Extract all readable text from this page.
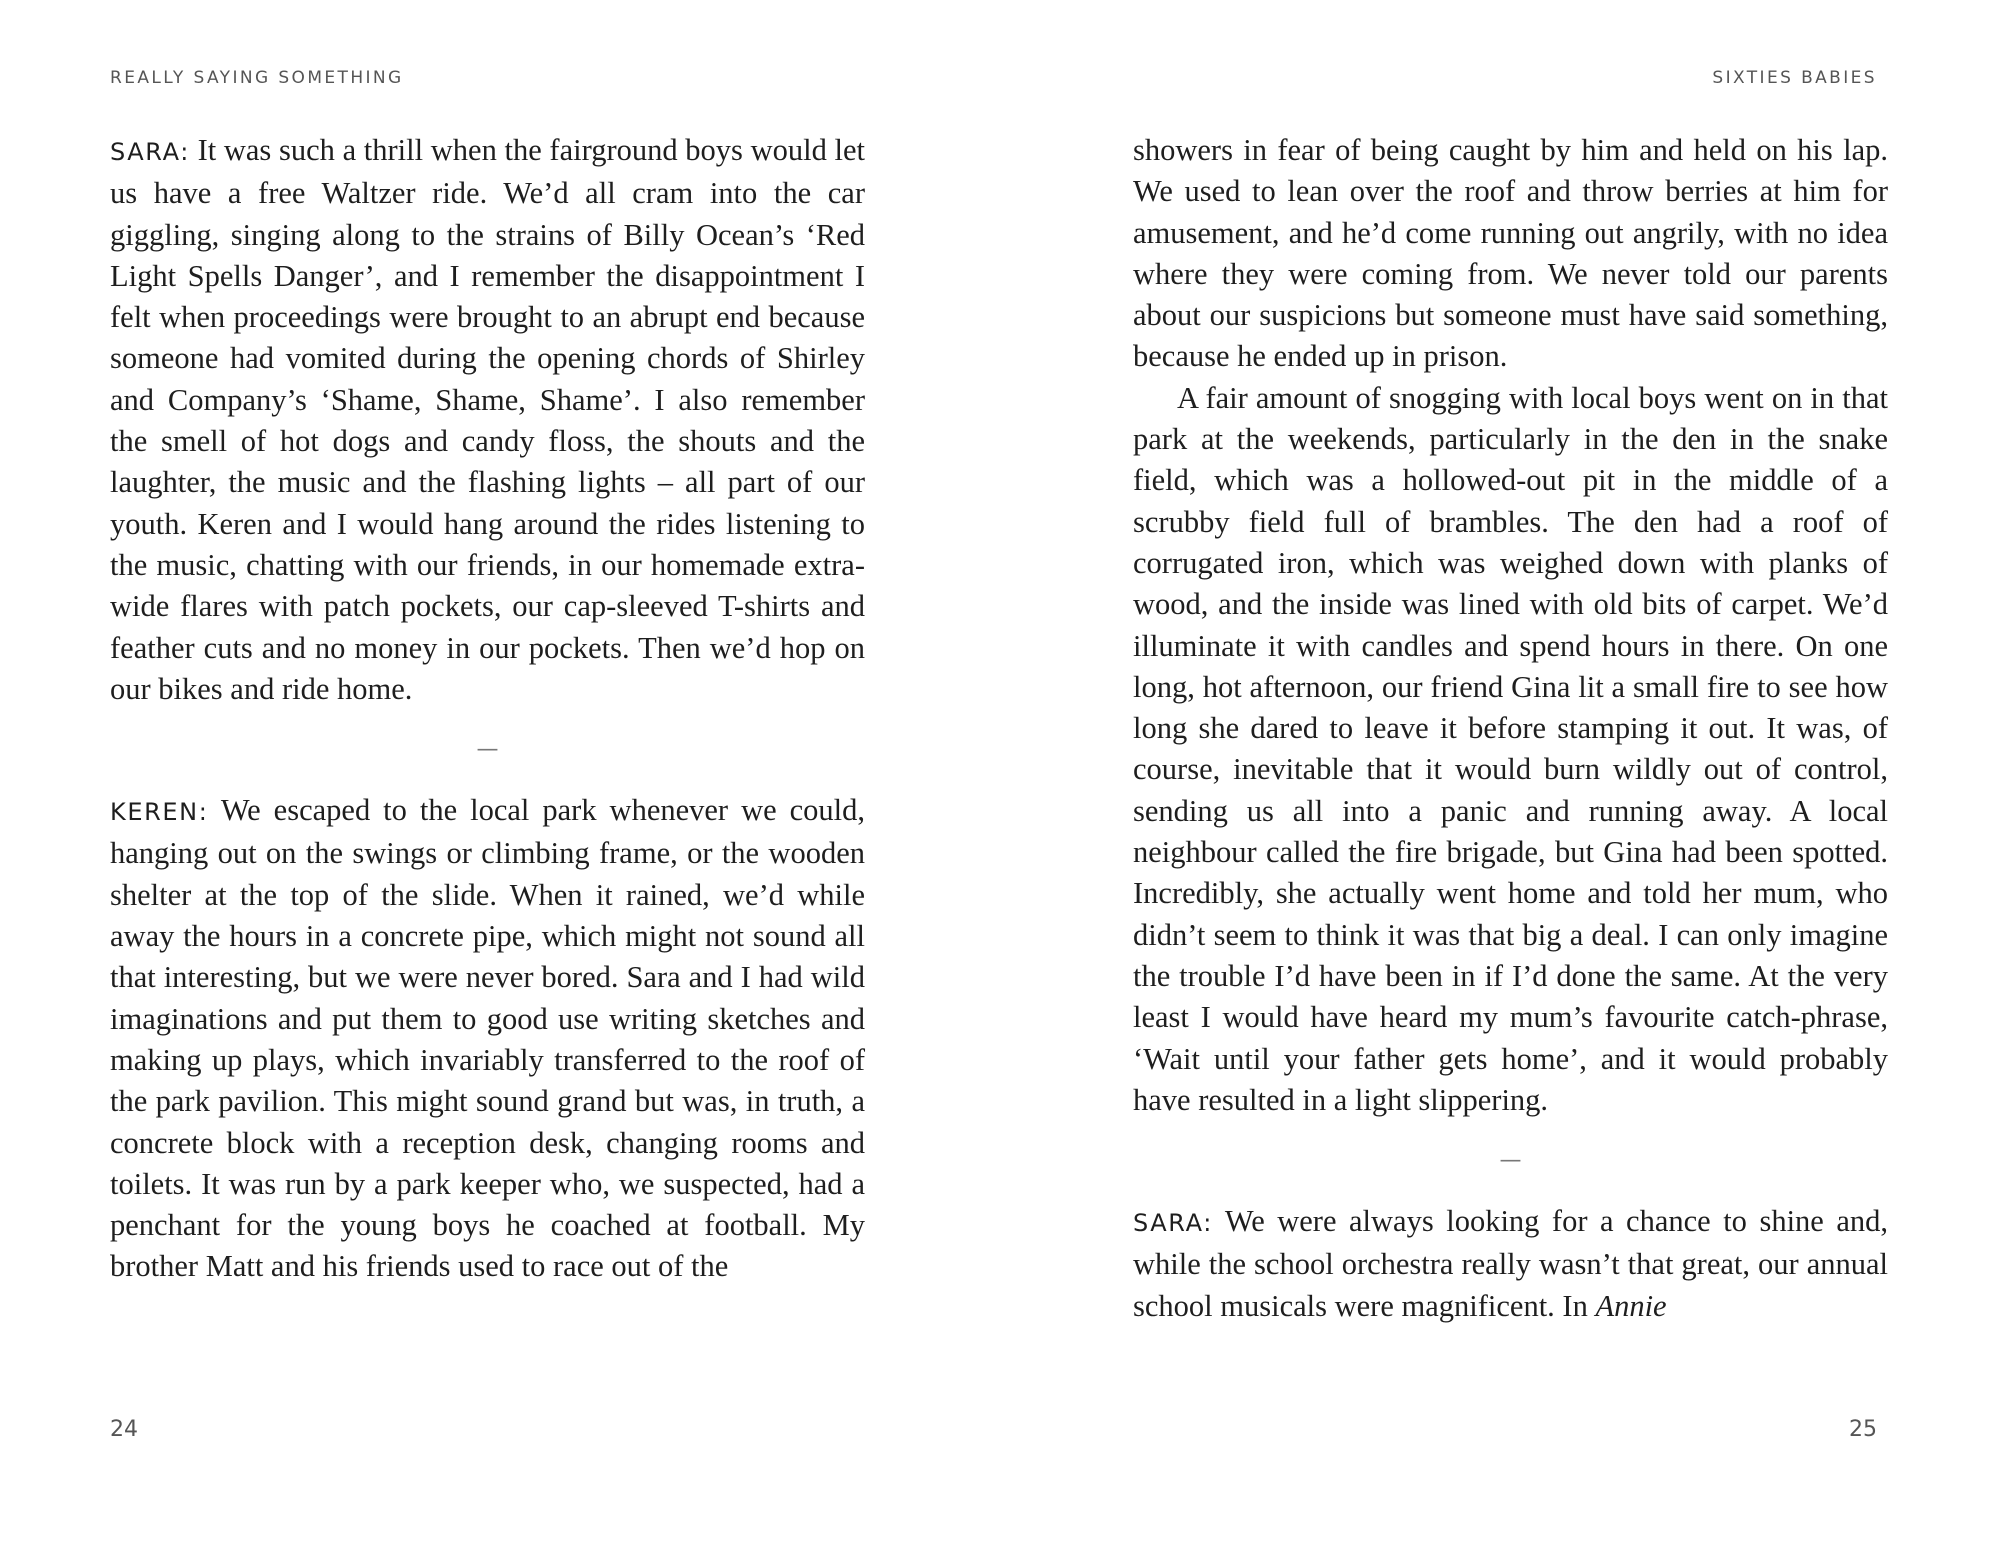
REALLY SAYING SOMETHING

SARA: It was such a thrill when the fairground boys would let us have a free Waltzer ride. We’d all cram into the car giggling, singing along to the strains of Billy Ocean’s ‘Red Light Spells Danger’, and I remember the disappointment I felt when proceedings were brought to an abrupt end because someone had vomited during the opening chords of Shirley and Company’s ‘Shame, Shame, Shame’. I also remember the smell of hot dogs and candy floss, the shouts and the laughter, the music and the flashing lights – all part of our youth. Keren and I would hang around the rides listening to the music, chatting with our friends, in our homemade extra-wide flares with patch pockets, our cap-sleeved T-shirts and feather cuts and no money in our pockets. Then we’d hop on our bikes and ride home.

—

KEREN: We escaped to the local park whenever we could, hanging out on the swings or climbing frame, or the wooden shelter at the top of the slide. When it rained, we’d while away the hours in a concrete pipe, which might not sound all that interesting, but we were never bored. Sara and I had wild imaginations and put them to good use writing sketches and making up plays, which invariably transferred to the roof of the park pavilion. This might sound grand but was, in truth, a concrete block with a reception desk, changing rooms and toilets. It was run by a park keeper who, we suspected, had a penchant for the young boys he coached at football. My brother Matt and his friends used to race out of the

24
SIXTIES BABIES

showers in fear of being caught by him and held on his lap. We used to lean over the roof and throw berries at him for amusement, and he’d come running out angrily, with no idea where they were coming from. We never told our parents about our suspicions but someone must have said something, because he ended up in prison.

A fair amount of snogging with local boys went on in that park at the weekends, particularly in the den in the snake field, which was a hollowed-out pit in the middle of a scrubby field full of brambles. The den had a roof of corrugated iron, which was weighed down with planks of wood, and the inside was lined with old bits of carpet. We’d illuminate it with candles and spend hours in there. On one long, hot afternoon, our friend Gina lit a small fire to see how long she dared to leave it before stamping it out. It was, of course, inevitable that it would burn wildly out of control, sending us all into a panic and running away. A local neighbour called the fire brigade, but Gina had been spotted. Incredibly, she actually went home and told her mum, who didn’t seem to think it was that big a deal. I can only imagine the trouble I’d have been in if I’d done the same. At the very least I would have heard my mum’s favourite catch-phrase, ‘Wait until your father gets home’, and it would probably have resulted in a light slippering.

—

SARA: We were always looking for a chance to shine and, while the school orchestra really wasn’t that great, our annual school musicals were magnificent. In Annie

25
